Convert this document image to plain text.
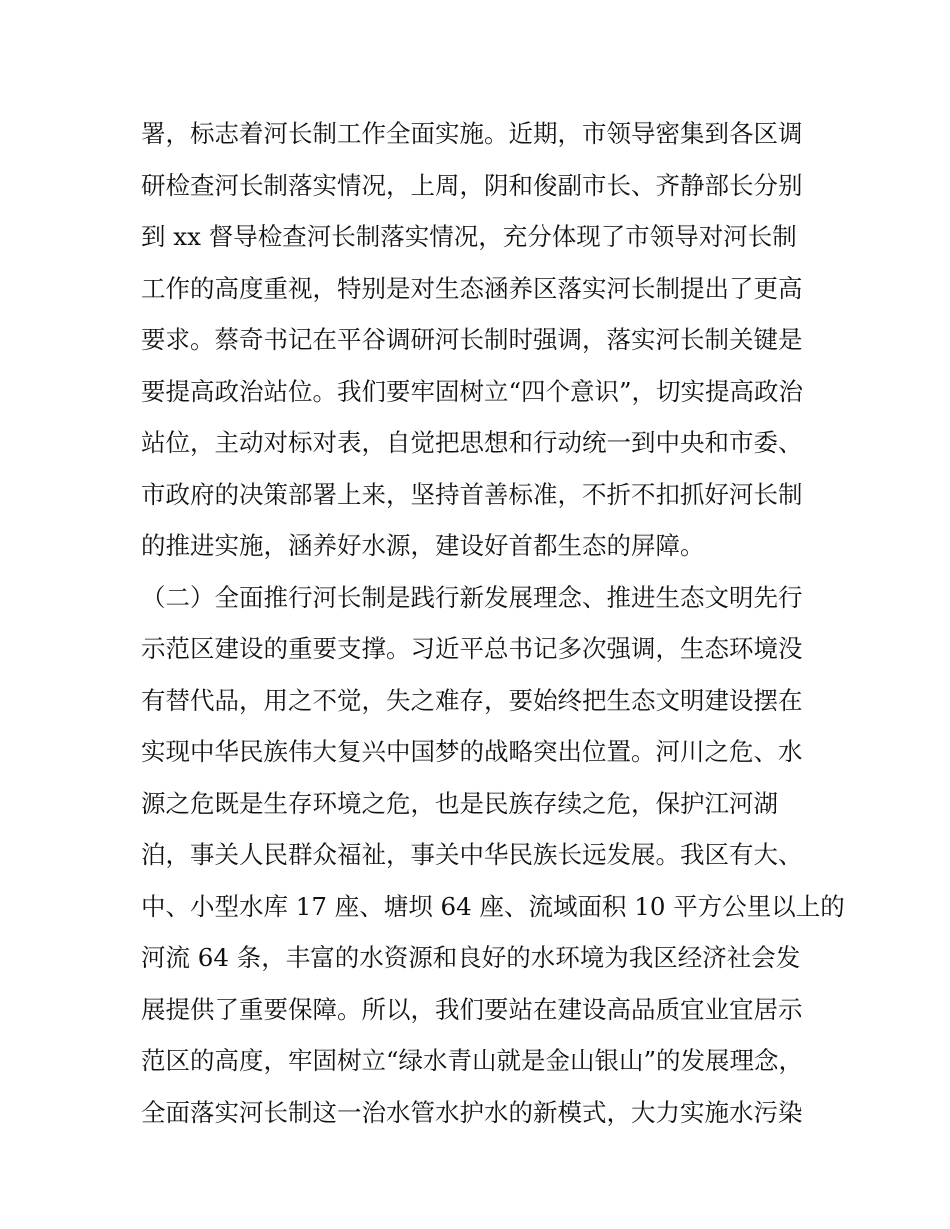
署，标志着河长制工作全面实施。近期，市领导密集到各区调
研检查河长制落实情况，上周，阴和俊副市长、齐静部长分别
到 xx 督导检查河长制落实情况，充分体现了市领导对河长制
工作的高度重视，特别是对生态涵养区落实河长制提出了更高
要求。蔡奇书记在平谷调研河长制时强调，落实河长制关键是
要提高政治站位。我们要牢固树立“四个意识”，切实提高政治
站位，主动对标对表，自觉把思想和行动统一到中央和市委、
市政府的决策部署上来，坚持首善标准，不折不扣抓好河长制
的推进实施，涵养好水源，建设好首都生态的屏障。
（二）全面推行河长制是践行新发展理念、推进生态文明先行
示范区建设的重要支撑。习近平总书记多次强调，生态环境没
有替代品，用之不觉，失之难存，要始终把生态文明建设摆在
实现中华民族伟大复兴中国梦的战略突出位置。河川之危、水
源之危既是生存环境之危，也是民族存续之危，保护江河湖
泊，事关人民群众福祉，事关中华民族长远发展。我区有大、
中、小型水库 17 座、塘坝 64 座、流域面积 10 平方公里以上的
河流 64 条，丰富的水资源和良好的水环境为我区经济社会发
展提供了重要保障。所以，我们要站在建设高品质宜业宜居示
范区的高度，牢固树立“绿水青山就是金山银山”的发展理念，
全面落实河长制这一治水管水护水的新模式，大力实施水污染
